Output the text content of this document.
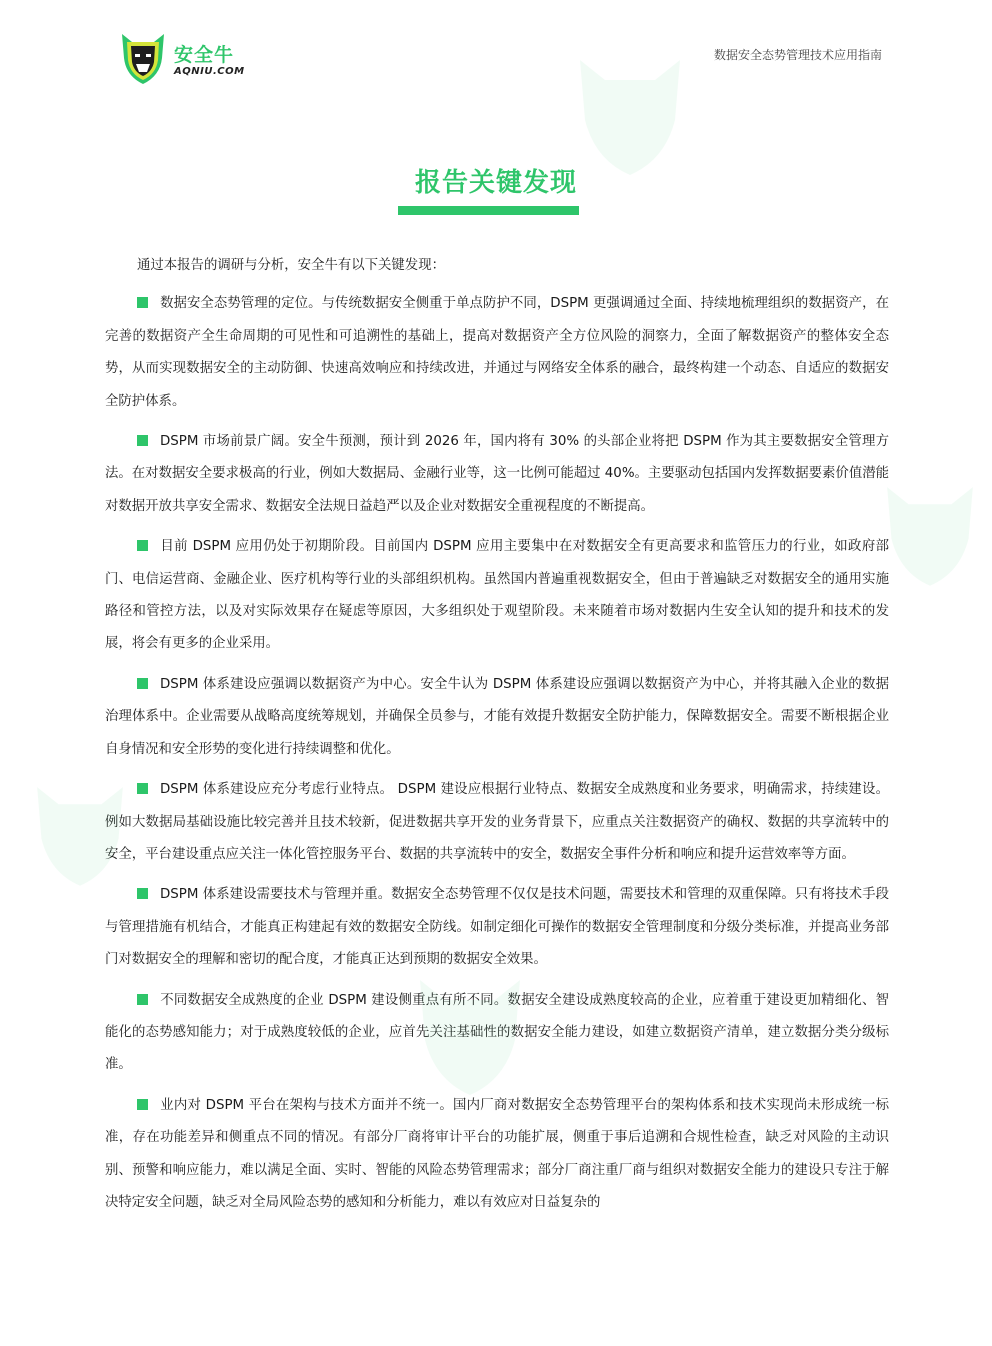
安全牛
AQNIU.COM
数据安全态势管理技术应用指南
报告关键发现

通过本报告的调研与分析，安全牛有以下关键发现：

数据安全态势管理的定位。与传统数据安全侧重于单点防护不同，DSPM 更强调通过全面、持续地梳理组织的数据资产，在完善的数据资产全生命周期的可见性和可追溯性的基础上，提高对数据资产全方位风险的洞察力，全面了解数据资产的整体安全态势，从而实现数据安全的主动防御、快速高效响应和持续改进，并通过与网络安全体系的融合，最终构建一个动态、自适应的数据安全防护体系。

DSPM 市场前景广阔。安全牛预测，预计到 2026 年，国内将有 30% 的头部企业将把 DSPM 作为其主要数据安全管理方法。在对数据安全要求极高的行业，例如大数据局、金融行业等，这一比例可能超过 40%。主要驱动包括国内发挥数据要素价值潜能对数据开放共享安全需求、数据安全法规日益趋严以及企业对数据安全重视程度的不断提高。

目前 DSPM 应用仍处于初期阶段。目前国内 DSPM 应用主要集中在对数据安全有更高要求和监管压力的行业，如政府部门、电信运营商、金融企业、医疗机构等行业的头部组织机构。虽然国内普遍重视数据安全，但由于普遍缺乏对数据安全的通用实施路径和管控方法，以及对实际效果存在疑虑等原因，大多组织处于观望阶段。未来随着市场对数据内生安全认知的提升和技术的发展，将会有更多的企业采用。

DSPM 体系建设应强调以数据资产为中心。安全牛认为 DSPM 体系建设应强调以数据资产为中心，并将其融入企业的数据治理体系中。企业需要从战略高度统筹规划，并确保全员参与，才能有效提升数据安全防护能力，保障数据安全。需要不断根据企业自身情况和安全形势的变化进行持续调整和优化。

DSPM 体系建设应充分考虑行业特点。 DSPM 建设应根据行业特点、数据安全成熟度和业务要求，明确需求，持续建设。例如大数据局基础设施比较完善并且技术较新，促进数据共享开发的业务背景下，应重点关注数据资产的确权、数据的共享流转中的安全，平台建设重点应关注一体化管控服务平台、数据的共享流转中的安全，数据安全事件分析和响应和提升运营效率等方面。

DSPM 体系建设需要技术与管理并重。数据安全态势管理不仅仅是技术问题，需要技术和管理的双重保障。只有将技术手段与管理措施有机结合，才能真正构建起有效的数据安全防线。如制定细化可操作的数据安全管理制度和分级分类标准，并提高业务部门对数据安全的理解和密切的配合度，才能真正达到预期的数据安全效果。

不同数据安全成熟度的企业 DSPM 建设侧重点有所不同。数据安全建设成熟度较高的企业，应着重于建设更加精细化、智能化的态势感知能力；对于成熟度较低的企业，应首先关注基础性的数据安全能力建设，如建立数据资产清单，建立数据分类分级标准。

业内对 DSPM 平台在架构与技术方面并不统一。国内厂商对数据安全态势管理平台的架构体系和技术实现尚未形成统一标准，存在功能差异和侧重点不同的情况。有部分厂商将审计平台的功能扩展，侧重于事后追溯和合规性检查，缺乏对风险的主动识别、预警和响应能力，难以满足全面、实时、智能的风险态势管理需求；部分厂商注重厂商与组织对数据安全能力的建设只专注于解决特定安全问题，缺乏对全局风险态势的感知和分析能力，难以有效应对日益复杂的
